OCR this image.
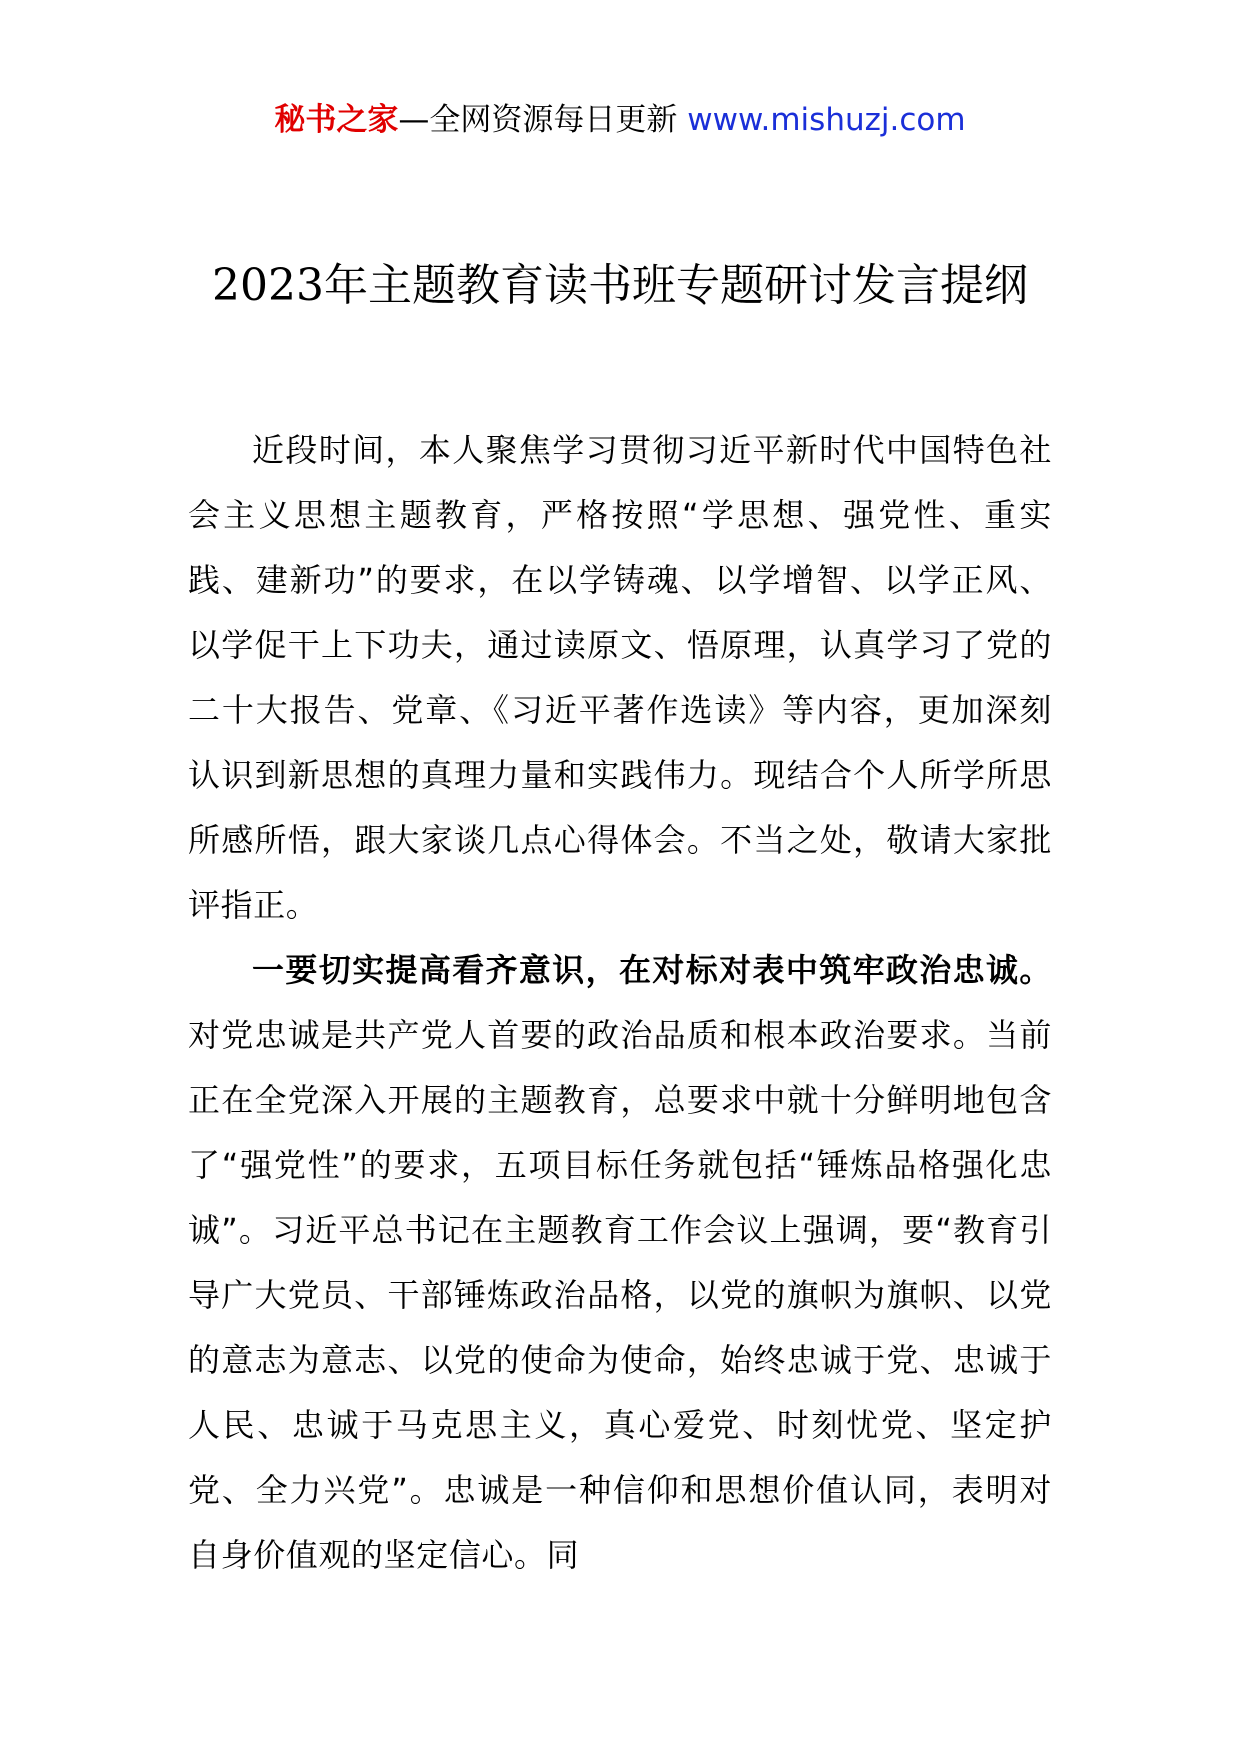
秘书之家—全网资源每日更新 www.mishuzj.com
2023年主题教育读书班专题研讨发言提纲

近段时间，本人聚焦学习贯彻习近平新时代中国特色社会主义思想主题教育，严格按照“学思想、强党性、重实践、建新功”的要求，在以学铸魂、以学增智、以学正风、以学促干上下功夫，通过读原文、悟原理，认真学习了党的二十大报告、党章、《习近平著作选读》等内容，更加深刻认识到新思想的真理力量和实践伟力。现结合个人所学所思所感所悟，跟大家谈几点心得体会。不当之处，敬请大家批评指正。

一要切实提高看齐意识，在对标对表中筑牢政治忠诚。对党忠诚是共产党人首要的政治品质和根本政治要求。当前正在全党深入开展的主题教育，总要求中就十分鲜明地包含了“强党性”的要求，五项目标任务就包括“锤炼品格强化忠诚”。习近平总书记在主题教育工作会议上强调，要“教育引导广大党员、干部锤炼政治品格，以党的旗帜为旗帜、以党的意志为意志、以党的使命为使命，始终忠诚于党、忠诚于人民、忠诚于马克思主义，真心爱党、时刻忧党、坚定护党、全力兴党”。忠诚是一种信仰和思想价值认同，表明对自身价值观的坚定信心。同
